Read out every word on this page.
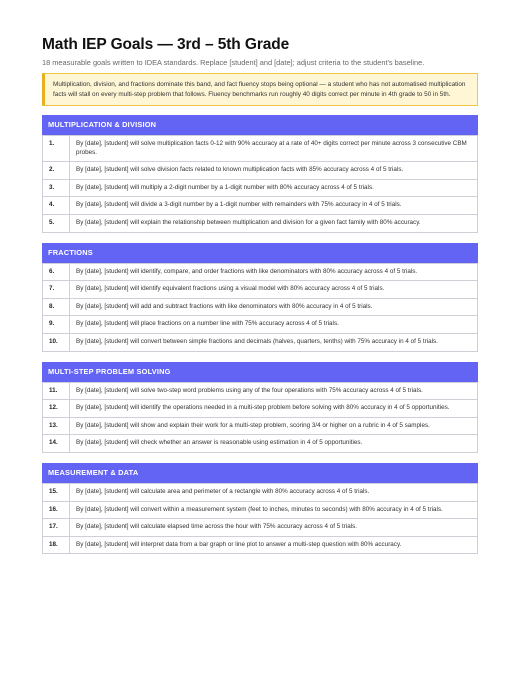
Math IEP Goals — 3rd – 5th Grade
18 measurable goals written to IDEA standards. Replace [student] and [date]; adjust criteria to the student's baseline.
Multiplication, division, and fractions dominate this band, and fact fluency stops being optional — a student who has not automatised multiplication facts will stall on every multi-step problem that follows. Fluency benchmarks run roughly 40 digits correct per minute in 4th grade to 50 in 5th.
MULTIPLICATION & DIVISION
1.	By [date], [student] will solve multiplication facts 0-12 with 90% accuracy at a rate of 40+ digits correct per minute across 3 consecutive CBM probes.
2.	By [date], [student] will solve division facts related to known multiplication facts with 85% accuracy across 4 of 5 trials.
3.	By [date], [student] will multiply a 2-digit number by a 1-digit number with 80% accuracy across 4 of 5 trials.
4.	By [date], [student] will divide a 3-digit number by a 1-digit number with remainders with 75% accuracy in 4 of 5 trials.
5.	By [date], [student] will explain the relationship between multiplication and division for a given fact family with 80% accuracy.
FRACTIONS
6.	By [date], [student] will identify, compare, and order fractions with like denominators with 80% accuracy across 4 of 5 trials.
7.	By [date], [student] will identify equivalent fractions using a visual model with 80% accuracy across 4 of 5 trials.
8.	By [date], [student] will add and subtract fractions with like denominators with 80% accuracy in 4 of 5 trials.
9.	By [date], [student] will place fractions on a number line with 75% accuracy across 4 of 5 trials.
10.	By [date], [student] will convert between simple fractions and decimals (halves, quarters, tenths) with 75% accuracy in 4 of 5 trials.
MULTI-STEP PROBLEM SOLVING
11.	By [date], [student] will solve two-step word problems using any of the four operations with 75% accuracy across 4 of 5 trials.
12.	By [date], [student] will identify the operations needed in a multi-step problem before solving with 80% accuracy in 4 of 5 opportunities.
13.	By [date], [student] will show and explain their work for a multi-step problem, scoring 3/4 or higher on a rubric in 4 of 5 samples.
14.	By [date], [student] will check whether an answer is reasonable using estimation in 4 of 5 opportunities.
MEASUREMENT & DATA
15.	By [date], [student] will calculate area and perimeter of a rectangle with 80% accuracy across 4 of 5 trials.
16.	By [date], [student] will convert within a measurement system (feet to inches, minutes to seconds) with 80% accuracy in 4 of 5 trials.
17.	By [date], [student] will calculate elapsed time across the hour with 75% accuracy across 4 of 5 trials.
18.	By [date], [student] will interpret data from a bar graph or line plot to answer a multi-step question with 80% accuracy.
